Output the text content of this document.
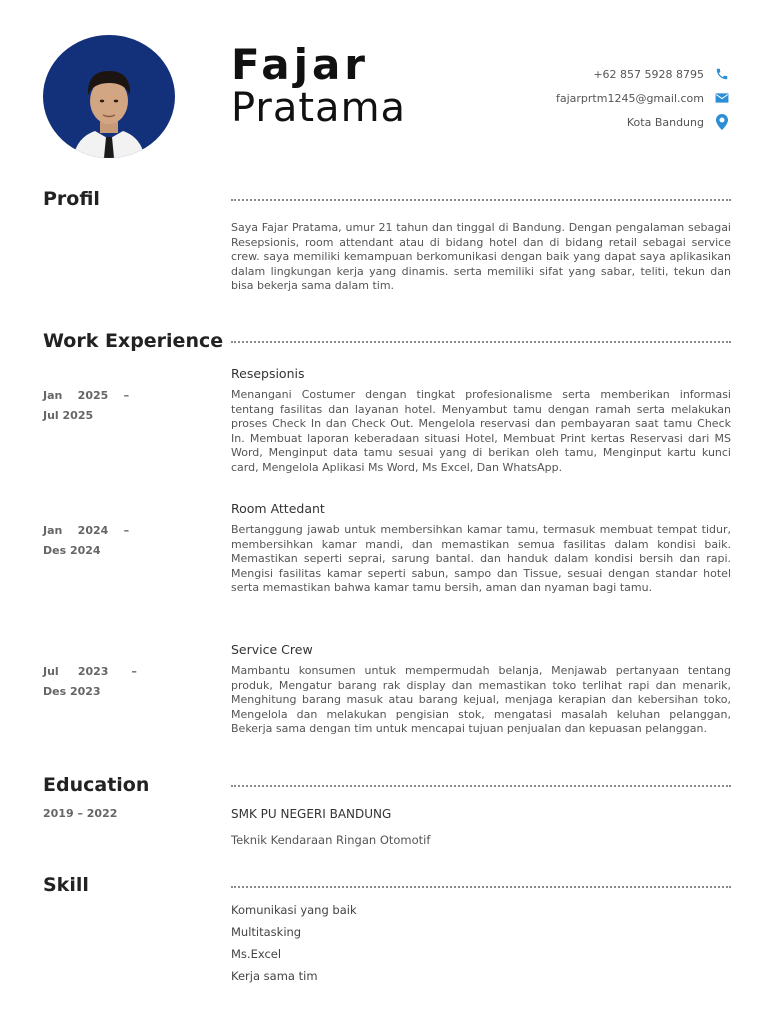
Fajar
Pratama
+62 857 5928 8795
fajarprtm1245@gmail.com
Kota Bandung
Profil
Saya Fajar Pratama, umur 21 tahun dan tinggal di Bandung. Dengan pengalaman sebagai Resepsionis, room attendant atau di bidang hotel dan di bidang retail sebagai service crew. saya memiliki kemampuan berkomunikasi dengan baik yang dapat saya aplikasikan dalam lingkungan kerja yang dinamis. serta memiliki sifat yang sabar, teliti, tekun dan bisa bekerja sama dalam tim.
Work Experience
Resepsionis
Jan    2025    –
Jul 2025
Menangani Costumer dengan tingkat profesionalisme serta memberikan informasi tentang fasilitas dan layanan hotel. Menyambut tamu dengan ramah serta melakukan proses Check In dan Check Out. Mengelola reservasi dan pembayaran saat tamu Check In. Membuat laporan keberadaan situasi Hotel, Membuat Print kertas Reservasi dari MS Word, Menginput data tamu sesuai yang di berikan oleh tamu, Menginput kartu kunci card, Mengelola Aplikasi Ms Word, Ms Excel, Dan WhatsApp.
Room Attedant
Jan    2024    –
Des 2024
Bertanggung jawab untuk membersihkan kamar tamu, termasuk membuat tempat tidur, membersihkan kamar mandi, dan memastikan semua fasilitas dalam kondisi baik. Memastikan seperti seprai, sarung bantal. dan handuk dalam kondisi bersih dan rapi. Mengisi fasilitas kamar seperti sabun, sampo dan Tissue, sesuai dengan standar hotel serta memastikan bahwa kamar tamu bersih, aman dan nyaman bagi tamu.
Service Crew
Jul     2023      –
Des 2023
Mambantu konsumen untuk mempermudah belanja, Menjawab pertanyaan tentang produk, Mengatur barang rak display dan memastikan toko terlihat rapi dan menarik, Menghitung barang masuk atau barang kejual, menjaga kerapian dan kebersihan toko, Mengelola dan melakukan pengisian stok, mengatasi masalah keluhan pelanggan, Bekerja sama dengan tim untuk mencapai tujuan penjualan dan kepuasan pelanggan.
Education
2019 – 2022	SMK PU NEGERI BANDUNG
Teknik Kendaraan Ringan Otomotif
Skill
Komunikasi yang baik
Multitasking
Ms.Excel
Kerja sama tim
